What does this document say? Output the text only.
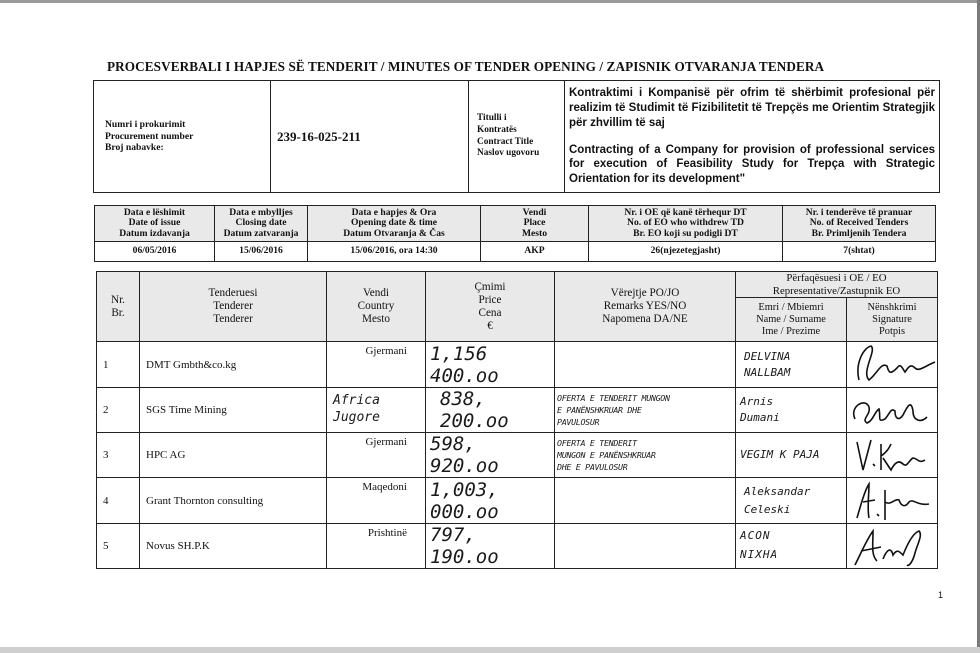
PROCESVERBALI I HAPJES SË TENDERIT / MINUTES OF TENDER OPENING / ZAPISNIK OTVARANJA TENDERA
Numri i prokurimit
Procurement number
Broj nabavke:

239-16-025-211

Titulli i
Kontratës
Contract Title
Naslov ugovoru

Kontraktimi i Kompanisë për ofrim të shërbimit profesional për realizim të Studimit të Fizibilitetit të Trepçës me Orientim Strategjik për zhvillim të saj
Contracting of a Company for provision of professional services for execution of Feasibility Study for Trepça with Strategic Orientation for its development"
Data e lëshimit
Date of issue
Datum izdavanja	Data e mbylljes
Closing date
Datum zatvaranja	Data e hapjes & Ora
Opening date & time
Datum Otvaranja & Čas	Vendi
Place
Mesto	Nr. i OE që kanë tërhequr DT
No. of EO who withdrew TD
Br. EO koji su podigli DT	Nr. i tenderëve të pranuar
No. of Received Tenders
Br. Primljenih Tendera
06/05/2016	15/06/2016	15/06/2016, ora 14:30	AKP	26(njezetegjasht)	7(shtat)
Nr.
Br.	Tenderuesi
Tenderer
Tenderer	Vendi
Country
Mesto	Çmimi
Price
Cena
€	Vërejtje PO/JO
Remarks YES/NO
Napomena DA/NE	Përfaqësuesi i OE / EO
Representative/Zastupnik EO	
					Emri / Mbiemri
Name / Surname
Ime / Prezime	Nënshkrimi
Signature
Potpis
1	DMT Gmbth&co.kg	Gjermani	1,156 400.oo		DELVINA
NALLBAM	

2	SGS Time Mining	Africa
Jugore	838, 200.oo	OFERTA E TENDERIT MUNGON
E PANËNSHKRUAR DHE
PAVULOSUR	Arnis
Dumani	

3	HPC AG	Gjermani	598, 920.oo	OFERTA E TENDERIT
MUNGON E PANËNSHKRUAR
DHE E PAVULOSUR	VEGIM K PAJA	

4	Grant Thornton consulting	Maqedoni	1,003, 000.oo		Aleksandar
Celeski	

5	Novus SH.P.K	Prishtinë	797, 190.oo		ACON
NIXHA	
1
